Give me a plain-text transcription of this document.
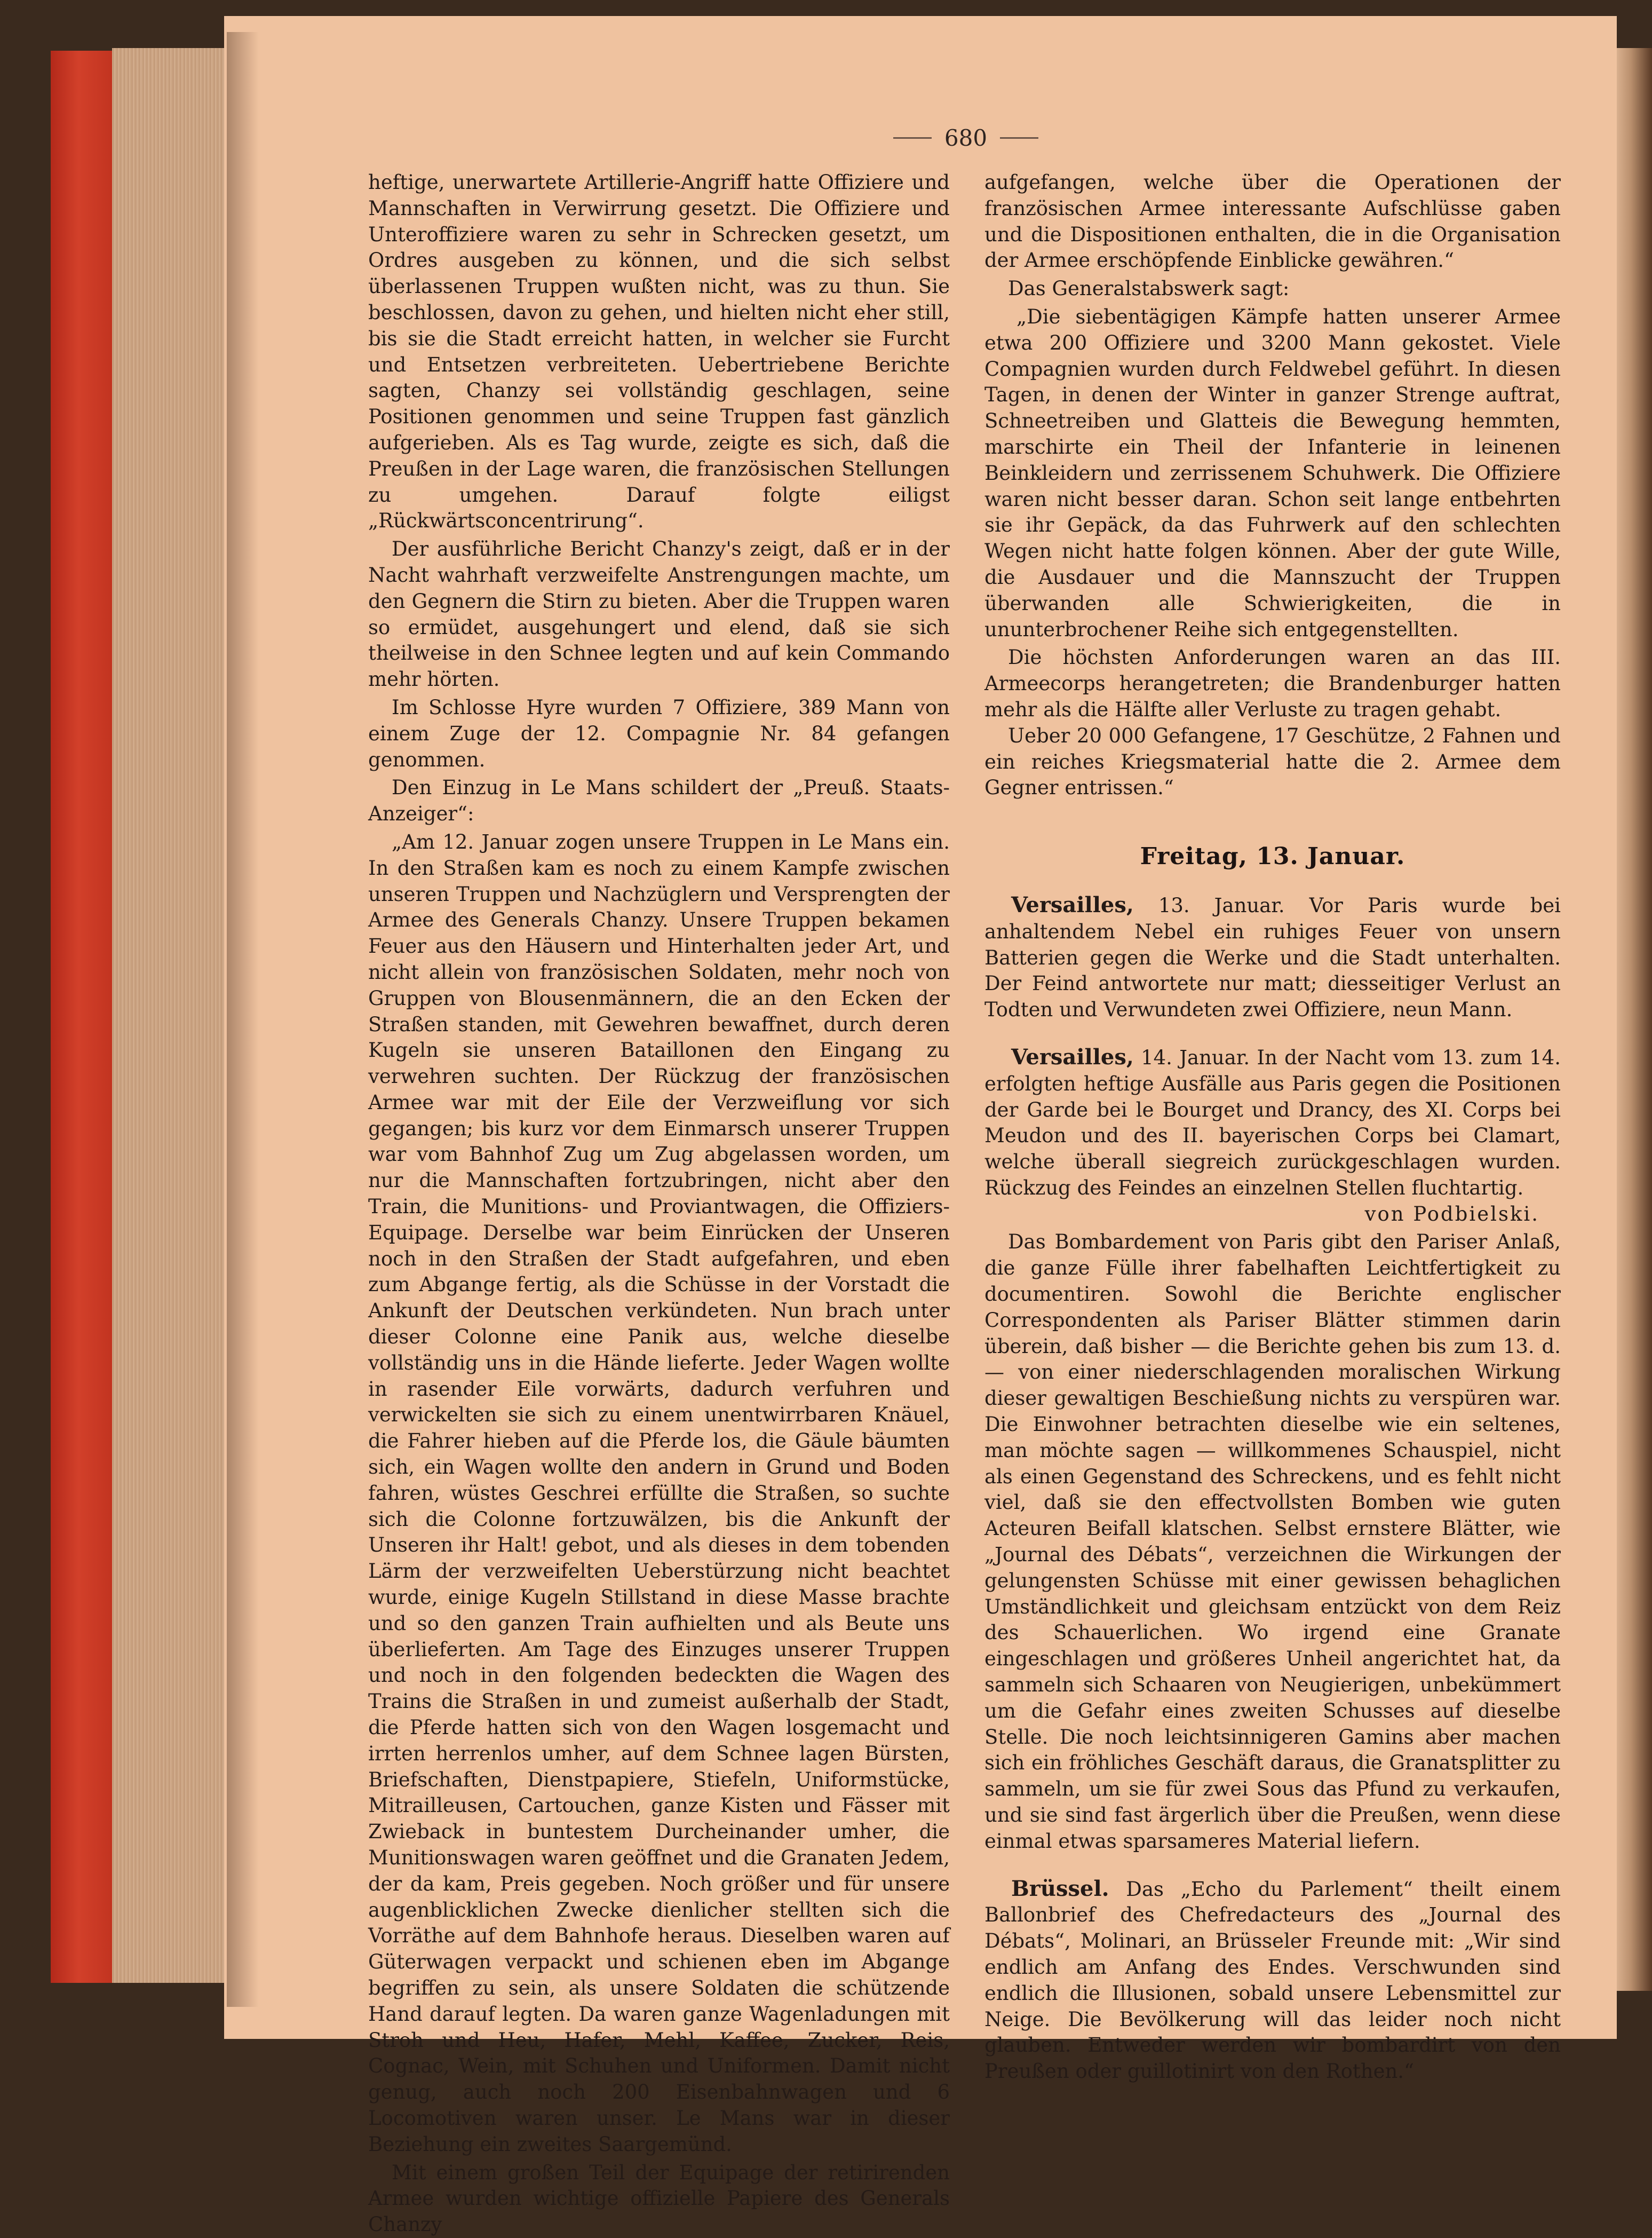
680

heftige, unerwartete Artillerie-Angriff hatte Offiziere und Mannschaften in Verwirrung gesetzt. Die Offiziere und Unteroffiziere waren zu sehr in Schrecken gesetzt, um Ordres ausgeben zu können, und die sich selbst überlassenen Truppen wußten nicht, was zu thun. Sie beschlossen, davon zu gehen, und hielten nicht eher still, bis sie die Stadt erreicht hatten, in welcher sie Furcht und Entsetzen verbreiteten. Uebertriebene Berichte sagten, Chanzy sei vollständig geschlagen, seine Positionen genommen und seine Truppen fast gänzlich aufgerieben. Als es Tag wurde, zeigte es sich, daß die Preußen in der Lage waren, die französischen Stellungen zu umgehen. Darauf folgte eiligst „Rückwärtsconcentrirung“.

Der ausführliche Bericht Chanzy's zeigt, daß er in der Nacht wahrhaft verzweifelte Anstrengungen machte, um den Gegnern die Stirn zu bieten. Aber die Truppen waren so ermüdet, ausgehungert und elend, daß sie sich theilweise in den Schnee legten und auf kein Commando mehr hörten.

Im Schlosse Hyre wurden 7 Offiziere, 389 Mann von einem Zuge der 12. Compagnie Nr. 84 gefangen genommen.

Den Einzug in Le Mans schildert der „Preuß. Staats-Anzeiger“:

„Am 12. Januar zogen unsere Truppen in Le Mans ein. In den Straßen kam es noch zu einem Kampfe zwischen unseren Truppen und Nachzüglern und Versprengten der Armee des Generals Chanzy. Unsere Truppen bekamen Feuer aus den Häusern und Hinterhalten jeder Art, und nicht allein von französischen Soldaten, mehr noch von Gruppen von Blousenmännern, die an den Ecken der Straßen standen, mit Gewehren bewaffnet, durch deren Kugeln sie unseren Bataillonen den Eingang zu verwehren suchten. Der Rückzug der französischen Armee war mit der Eile der Verzweiflung vor sich gegangen; bis kurz vor dem Einmarsch unserer Truppen war vom Bahnhof Zug um Zug abgelassen worden, um nur die Mannschaften fortzubringen, nicht aber den Train, die Munitions- und Proviantwagen, die Offiziers-Equipage. Derselbe war beim Einrücken der Unseren noch in den Straßen der Stadt aufgefahren, und eben zum Abgange fertig, als die Schüsse in der Vorstadt die Ankunft der Deutschen verkündeten. Nun brach unter dieser Colonne eine Panik aus, welche dieselbe vollständig uns in die Hände lieferte. Jeder Wagen wollte in rasender Eile vorwärts, dadurch verfuhren und verwickelten sie sich zu einem unentwirrbaren Knäuel, die Fahrer hieben auf die Pferde los, die Gäule bäumten sich, ein Wagen wollte den andern in Grund und Boden fahren, wüstes Geschrei erfüllte die Straßen, so suchte sich die Colonne fortzuwälzen, bis die Ankunft der Unseren ihr Halt! gebot, und als dieses in dem tobenden Lärm der verzweifelten Ueberstürzung nicht beachtet wurde, einige Kugeln Stillstand in diese Masse brachte und so den ganzen Train aufhielten und als Beute uns überlieferten. Am Tage des Einzuges unserer Truppen und noch in den folgenden bedeckten die Wagen des Trains die Straßen in und zumeist außerhalb der Stadt, die Pferde hatten sich von den Wagen losgemacht und irrten herrenlos umher, auf dem Schnee lagen Bürsten, Briefschaften, Dienstpapiere, Stiefeln, Uniformstücke, Mitrailleusen, Cartouchen, ganze Kisten und Fässer mit Zwieback in buntestem Durcheinander umher, die Munitionswagen waren geöffnet und die Granaten Jedem, der da kam, Preis gegeben. Noch größer und für unsere augenblicklichen Zwecke dienlicher stellten sich die Vorräthe auf dem Bahnhofe heraus. Dieselben waren auf Güterwagen verpackt und schienen eben im Abgange begriffen zu sein, als unsere Soldaten die schützende Hand darauf legten. Da waren ganze Wagenladungen mit Stroh und Heu, Hafer, Mehl, Kaffee, Zucker, Reis, Cognac, Wein, mit Schuhen und Uniformen. Damit nicht genug, auch noch 200 Eisenbahnwagen und 6 Locomotiven waren unser. Le Mans war in dieser Beziehung ein zweites Saargemünd.

Mit einem großen Teil der Equipage der retirirenden Armee wurden wichtige offizielle Papiere des Generals Chanzy

aufgefangen, welche über die Operationen der französischen Armee interessante Aufschlüsse gaben und die Dispositionen enthalten, die in die Organisation der Armee erschöpfende Einblicke gewähren.“

Das Generalstabswerk sagt:

„Die siebentägigen Kämpfe hatten unserer Armee etwa 200 Offiziere und 3200 Mann gekostet. Viele Compagnien wurden durch Feldwebel geführt. In diesen Tagen, in denen der Winter in ganzer Strenge auftrat, Schneetreiben und Glatteis die Bewegung hemmten, marschirte ein Theil der Infanterie in leinenen Beinkleidern und zerrissenem Schuhwerk. Die Offiziere waren nicht besser daran. Schon seit lange entbehrten sie ihr Gepäck, da das Fuhrwerk auf den schlechten Wegen nicht hatte folgen können. Aber der gute Wille, die Ausdauer und die Mannszucht der Truppen überwanden alle Schwierigkeiten, die in ununterbrochener Reihe sich entgegenstellten.

Die höchsten Anforderungen waren an das III. Armeecorps herangetreten; die Brandenburger hatten mehr als die Hälfte aller Verluste zu tragen gehabt.

Ueber 20 000 Gefangene, 17 Geschütze, 2 Fahnen und ein reiches Kriegsmaterial hatte die 2. Armee dem Gegner entrissen.“

Freitag, 13. Januar.

Versailles, 13. Januar. Vor Paris wurde bei anhaltendem Nebel ein ruhiges Feuer von unsern Batterien gegen die Werke und die Stadt unterhalten. Der Feind antwortete nur matt; diesseitiger Verlust an Todten und Verwundeten zwei Offiziere, neun Mann.

Versailles, 14. Januar. In der Nacht vom 13. zum 14. erfolgten heftige Ausfälle aus Paris gegen die Positionen der Garde bei le Bourget und Drancy, des XI. Corps bei Meudon und des II. bayerischen Corps bei Clamart, welche überall siegreich zurückgeschlagen wurden. Rückzug des Feindes an einzelnen Stellen fluchtartig.

von Podbielski.

Das Bombardement von Paris gibt den Pariser Anlaß, die ganze Fülle ihrer fabelhaften Leichtfertigkeit zu documentiren. Sowohl die Berichte englischer Correspondenten als Pariser Blätter stimmen darin überein, daß bisher — die Berichte gehen bis zum 13. d. — von einer niederschlagenden moralischen Wirkung dieser gewaltigen Beschießung nichts zu verspüren war. Die Einwohner betrachten dieselbe wie ein seltenes, man möchte sagen — willkommenes Schauspiel, nicht als einen Gegenstand des Schreckens, und es fehlt nicht viel, daß sie den effectvollsten Bomben wie guten Acteuren Beifall klatschen. Selbst ernstere Blätter, wie „Journal des Débats“, verzeichnen die Wirkungen der gelungensten Schüsse mit einer gewissen behaglichen Umständlichkeit und gleichsam entzückt von dem Reiz des Schauerlichen. Wo irgend eine Granate eingeschlagen und größeres Unheil angerichtet hat, da sammeln sich Schaaren von Neugierigen, unbekümmert um die Gefahr eines zweiten Schusses auf dieselbe Stelle. Die noch leichtsinnigeren Gamins aber machen sich ein fröhliches Geschäft daraus, die Granatsplitter zu sammeln, um sie für zwei Sous das Pfund zu verkaufen, und sie sind fast ärgerlich über die Preußen, wenn diese einmal etwas sparsameres Material liefern.

Brüssel. Das „Echo du Parlement“ theilt einem Ballonbrief des Chefredacteurs des „Journal des Débats“, Molinari, an Brüsseler Freunde mit: „Wir sind endlich am Anfang des Endes. Verschwunden sind endlich die Illusionen, sobald unsere Lebensmittel zur Neige. Die Bevölkerung will das leider noch nicht glauben. Entweder werden wir bombardirt von den Preußen oder guillotinirt von den Rothen.“
